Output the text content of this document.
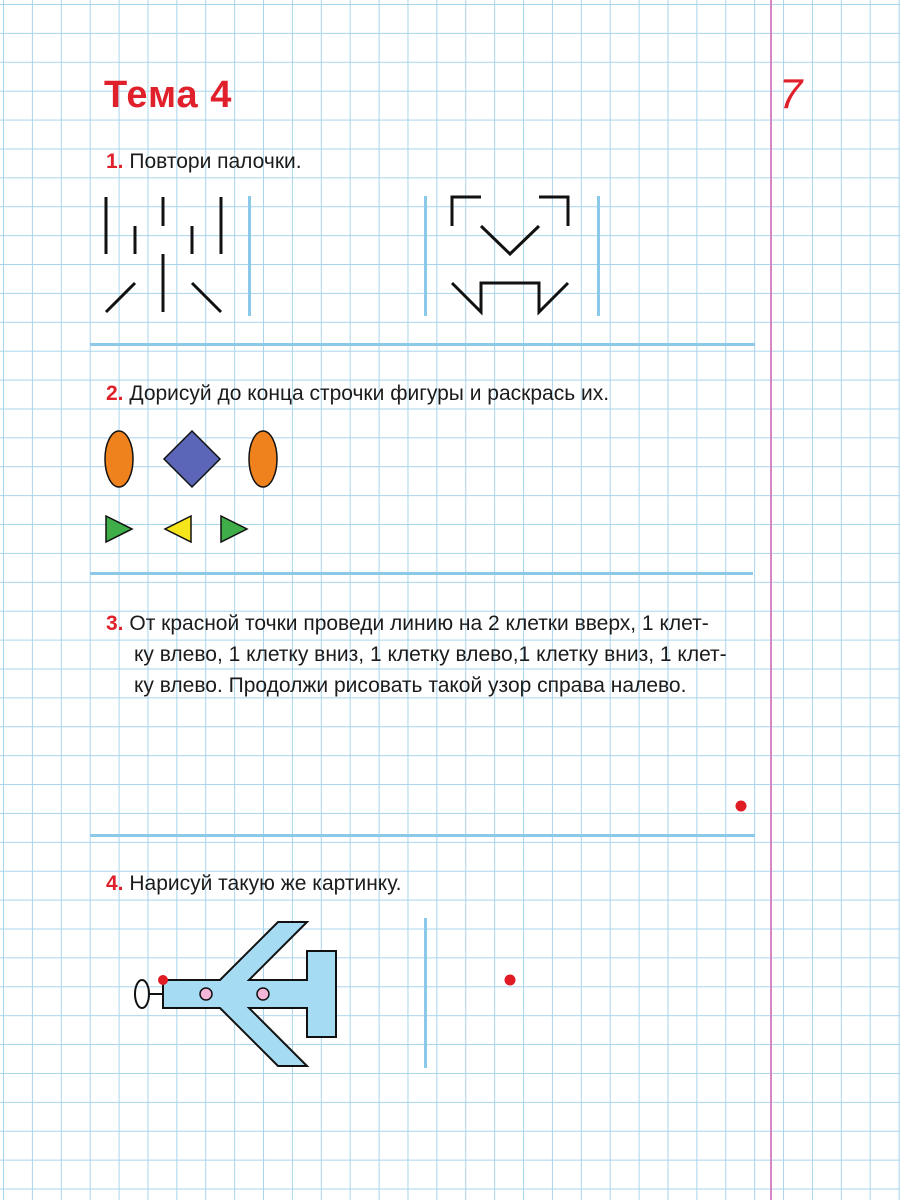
Тема 4	7
1. Повтори палочки.
2. Дорисуй до конца строчки фигуры и раскрась их.
3. От красной точки проведи линию на 2 клетки вверх, 1 клет-
ку влево, 1 клетку вниз, 1 клетку влево,1 клетку вниз, 1 клет-
ку влево. Продолжи рисовать такой узор справа налево.
4. Нарисуй такую же картинку.
